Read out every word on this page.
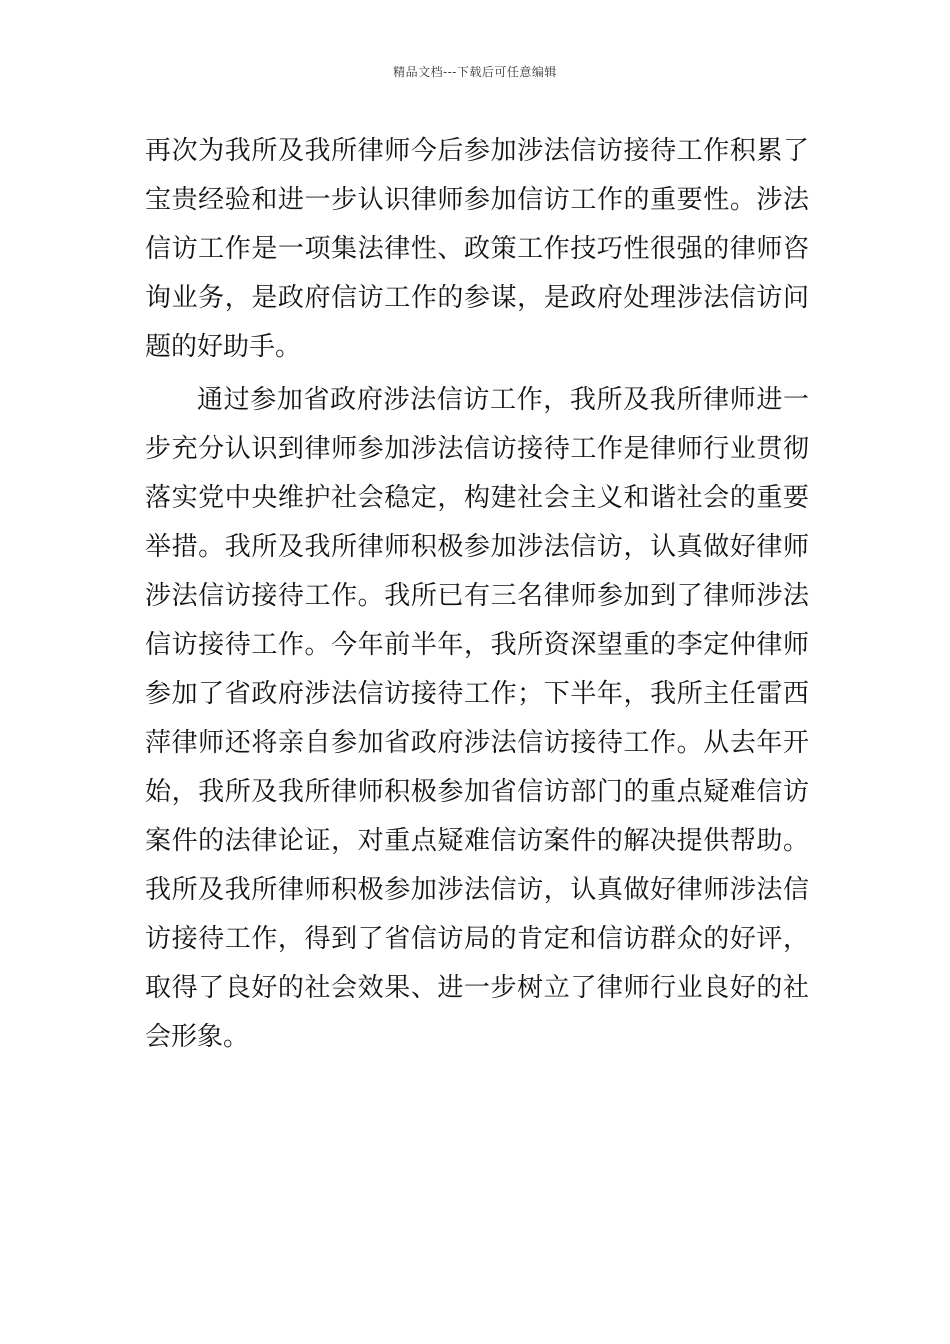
精品文档---下载后可任意编辑
再次为我所及我所律师今后参加涉法信访接待工作积累了
宝贵经验和进一步认识律师参加信访工作的重要性。涉法
信访工作是一项集法律性、政策工作技巧性很强的律师咨
询业务，是政府信访工作的参谋，是政府处理涉法信访问
题的好助手。
通过参加省政府涉法信访工作，我所及我所律师进一
步充分认识到律师参加涉法信访接待工作是律师行业贯彻
落实党中央维护社会稳定，构建社会主义和谐社会的重要
举措。我所及我所律师积极参加涉法信访，认真做好律师
涉法信访接待工作。我所已有三名律师参加到了律师涉法
信访接待工作。今年前半年，我所资深望重的李定仲律师
参加了省政府涉法信访接待工作；下半年，我所主任雷西
萍律师还将亲自参加省政府涉法信访接待工作。从去年开
始，我所及我所律师积极参加省信访部门的重点疑难信访
案件的法律论证，对重点疑难信访案件的解决提供帮助。
我所及我所律师积极参加涉法信访，认真做好律师涉法信
访接待工作，得到了省信访局的肯定和信访群众的好评，
取得了良好的社会效果、进一步树立了律师行业良好的社
会形象。
